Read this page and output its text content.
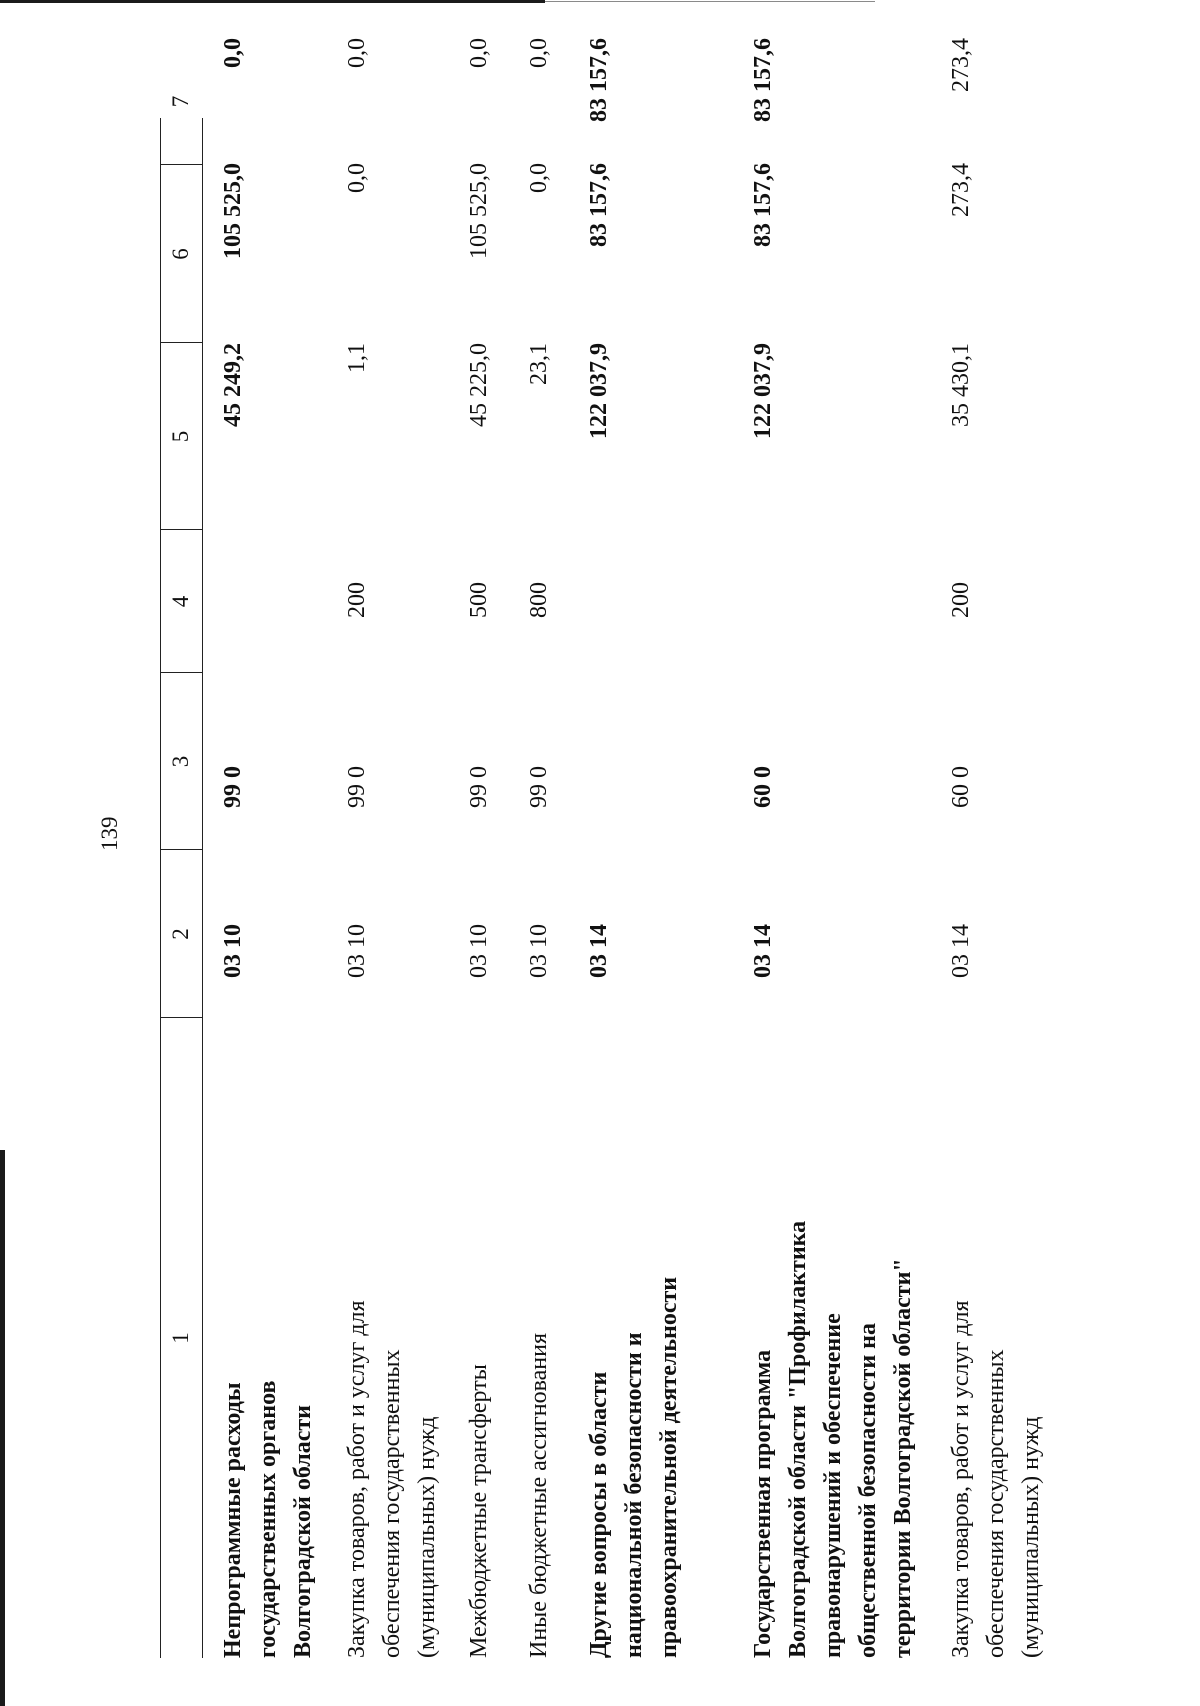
139
1
2
3
4
5
6
7
Непрограммные расходы государственных органов Волгоградской области
03 10
99 0
45 249,2
105 525,0
0,0
Закупка товаров, работ и услуг для обеспечения государственных (муниципальных) нужд
03 10
99 0
200
1,1
0,0
0,0
Межбюджетные трансферты
03 10
99 0
500
45 225,0
105 525,0
0,0
Иные бюджетные ассигнования
03 10
99 0
800
23,1
0,0
0,0
Другие вопросы в области национальной безопасности и правоохранительной деятельности
03 14
122 037,9
83 157,6
83 157,6
Государственная программа Волгоградской области "Профилактика правонарушений и обеспечение общественной безопасности на территории Волгоградской области"
03 14
60 0
122 037,9
83 157,6
83 157,6
Закупка товаров, работ и услуг для обеспечения государственных (муниципальных) нужд
03 14
60 0
200
35 430,1
273,4
273,4
